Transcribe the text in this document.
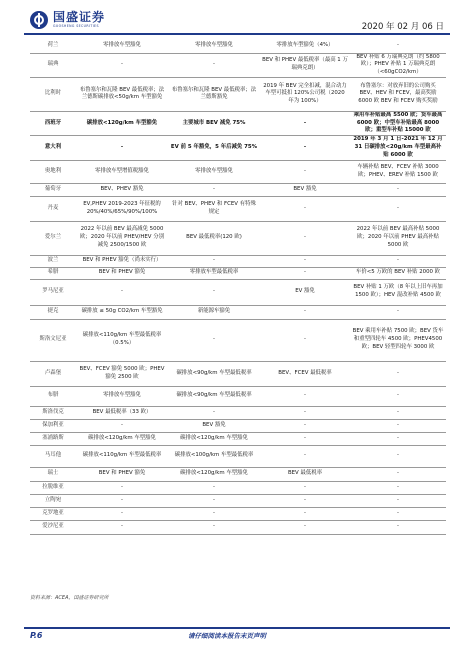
国盛证券
GUOSHENG SECURITIES	2020 年 02 月 06 日
荷兰	零排放车型豁免	零排放车型豁免	零排放车型豁免（4%）	-
瑞典	-	-	BEV 和 PHEV 最低税率（最高 1 万瑞典克朗）	BEV 补贴 6 万瑞典克朗（约 5800 欧）；PHEV 补贴 1 万瑞典克朗（<60gCO2/km）
比利时	布鲁塞尔和瓦隆 BEV 最低税率；法兰德斯碳排放<50g/km 车型豁免	布鲁塞尔和瓦隆 BEV 最低税率；法兰德斯豁免	2019 年 BEV 完全扣减，混合动力车型可抵扣 120%公司税（2020 年为 100%）	布鲁塞尔：对放弃旧的公司购买 BEV、HEV 和 FCEV，最高奖励 6000 欧 BEV 和 FCEV 购买奖励
西班牙	碳排放<120g/km 车型豁免	主要城市 BEV 减免 75%	-	乘用车补贴最高 5500 欧；货车最高 6000 欧；中型车补贴最高 8000 欧；重型车补贴 15000 欧
意大利	-	EV 前 5 年豁免，5 年后减免 75%	-	2019 年 3 月 1 日-2021 年 12 月 31 日碳排放<20g/km 车型最高补贴 6000 欧
奥地利	零排放车型增值税豁免	零排放车型豁免	-	车辆补贴 BEV、FCEV 补贴 3000 欧；PHEV、EREV 补贴 1500 欧
葡萄牙	BEV、PHEV 豁免	-	BEV 豁免	-
丹麦	EV,PHEV 2019-2023 年征税的 20%/40%/65%/90%/100%	针对 BEV、PHEV 和 FCEV 有特殊规定	-	-
爱尔兰	2022 年以前 BEV 最高减免 5000 欧；2020 年以前 PHEV/HEV 分别减免 2500/1500 欧	BEV 最低税率(120 欧)	-	2022 年以前 BEV 最高补贴 5000 欧；2020 年以前 PHEV 最高补贴 5000 欧
波兰	BEV 和 PHEV 豁免（尚未实行）	-	-	-
希腊	BEV 和 PHEV 豁免	零排放车型最低税率	-	车价<5 万欧的 BEV 补贴 2000 欧
罗马尼亚	-	-	EV 豁免	BEV 补贴 1 万欧（8 年以上旧车再加 1500 欧）；HEV 混改补贴 4500 欧
捷克	碳排放 ≤ 50g CO2/km 车型豁免	新能源车豁免	-	-
斯洛文尼亚	碳排放<110g/km 车型最低税率（0.5%）	-	-	BEV 乘用车补贴 7500 欧；BEV 货车和重型四轮车 4500 欧；PHEV4500 欧；BEV 轻型四轮车 3000 欧
卢森堡	BEV、FCEV 豁免 5000 欧；PHEV 豁免 2500 欧	碳排放<90g/km 车型最低税率	BEV、FCEV 最低税率	-
布腊	零排放车型豁免	碳排放<90g/km 车型最低税率	-	-
斯洛伐克	BEV 最低税率（33 欧）	-	-	-
保加利亚	-	BEV 豁免	-	-
塞浦路斯	碳排放<120g/km 车型豁免	碳排放<120g/km 车型豁免	-	-
马耳他	碳排放<110g/km 车型最低税率	碳排放<100g/km 车型最低税率	-	-
瑞士	BEV 和 PHEV 豁免	碳排放<120g/km 车型豁免	BEV 最低税率	-
拉脱维亚	-	-	-	-
立陶宛	-	-	-	-
克罗地亚	-	-	-	-
爱沙尼亚	-	-	-	-
资料来源：ACEA，国盛证券研究所
P.6	请仔细阅读本报告末页声明
